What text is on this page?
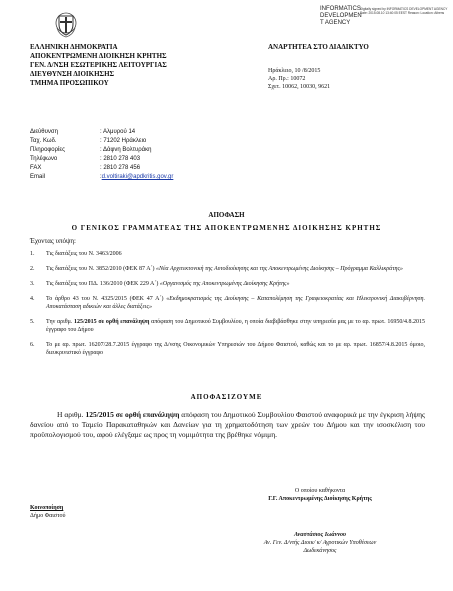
INFORMATICS
DEVELOPMEN
T AGENCY
Digitally signed by INFORMATICS DEVELOPMENT AGENCY Date: 2015.08.10 13:40:05 EEST Reason: Location: Athens
ΕΛΛΗΝΙΚΗ ΔΗΜΟΚΡΑΤΙΑ
ΑΠΟΚΕΝΤΡΩΜΕΝΗ ΔΙΟΙΚΗΣΗ ΚΡΗΤΗΣ
ΓΕΝ. Δ/ΝΣΗ ΕΣΩΤΕΡΙΚΗΣ ΛΕΙΤΟΥΡΓΙΑΣ
ΔΙΕΥΘΥΝΣΗ ΔΙΟΙΚΗΣΗΣ
ΤΜΗΜΑ ΠΡΟΣΩΠΙΚΟΥ
ΑΝΑΡΤΗΤΕΑ ΣΤΟ ΔΙΑΔΙΚΤΥΟ
Ηράκλειο, 10 /8/2015
Αρ. Πρ.: 10072
Σχετ. 10062, 10030, 9621
Διεύθυνση	: Αλμυρού 14
Ταχ. Κωδ.	: 71202 Ηράκλειο
Πληροφορίες	: Δάφνη Βολτυράκη
Τηλέφωνο	: 2810 278 403
FAX	: 2810 278 456
Email	: d.voltiraki@apdkritis.gov.gr
ΑΠΟΦΑΣΗ
Ο ΓΕΝΙΚΟΣ ΓΡΑΜΜΑΤΕΑΣ ΤΗΣ ΑΠΟΚΕΝΤΡΩΜΕΝΗΣ ΔΙΟΙΚΗΣΗΣ ΚΡΗΤΗΣ
Έχοντας υπόψη:
1.	Τις διατάξεις του Ν. 3463/2006
2.	Τις διατάξεις του Ν. 3852/2010 (ΦΕΚ 87 Α΄) «Νέα Αρχιτεκτονική της Αυτοδιοίκησης και της Αποκεντρωμένης Διοίκησης – Πρόγραμμα Καλλικράτης»
3.	Τις διατάξεις του ΠΔ. 136/2010 (ΦΕΚ 229 Α΄) «Οργανισμός της Αποκεντρωμένης Διοίκησης Κρήτης»
4.	Το άρθρο 43 του Ν. 4325/2015 (ΦΕΚ 47 Α΄) «Εκδημοκρατισμός της Διοίκησης – Καταπολέμηση της Γραφειοκρατίας και Ηλεκτρονική Διακυβέρνηση. Αποκατάσταση αδικιών και άλλες διατάξεις»
5.	Την αριθμ. 125/2015 σε ορθή επανάληψη απόφαση του Δημοτικού Συμβουλίου, η οποία διαβιβάσθηκε στην υπηρεσία μας με το αρ. πρωτ. 16950/4.8.2015 έγγραφο του Δήμου
6.	Το με αρ. πρωτ. 16207/28.7.2015 έγγραφο της Δ/νσης Οικονομικών Υπηρεσιών του Δήμου Φαιστού, καθώς και το με αρ. πρωτ. 16857/4.8.2015 όμοιο, διευκρινιστικό έγγραφο
ΑΠΟΦΑΣΙΖΟΥΜΕ
Η αριθμ. 125/2015 σε ορθή επανάληψη απόφαση του Δημοτικού Συμβουλίου Φαιστού αναφορικά με την έγκριση λήψης δανείου από το Ταμείο Παρακαταθηκών και Δανείων για τη χρηματοδότηση των χρεών του Δήμου και την ισοσκέλιση του προϋπολογισμού του, αφού ελέγξαμε ως προς τη νομιμότητα της βρέθηκε νόμιμη.
Ο οποίου καθήκοντα
Γ.Γ. Αποκεντρωμένης Διοίκησης Κρήτης
Αναστάσιος Ιωάννου
Αν. Γεν. Δ/ντής Διοικ/ κ/ Αγροτικών Υποθέσεων
Δωδεκάνησος
Κοινοποίηση
Δήμο Φαιστού
